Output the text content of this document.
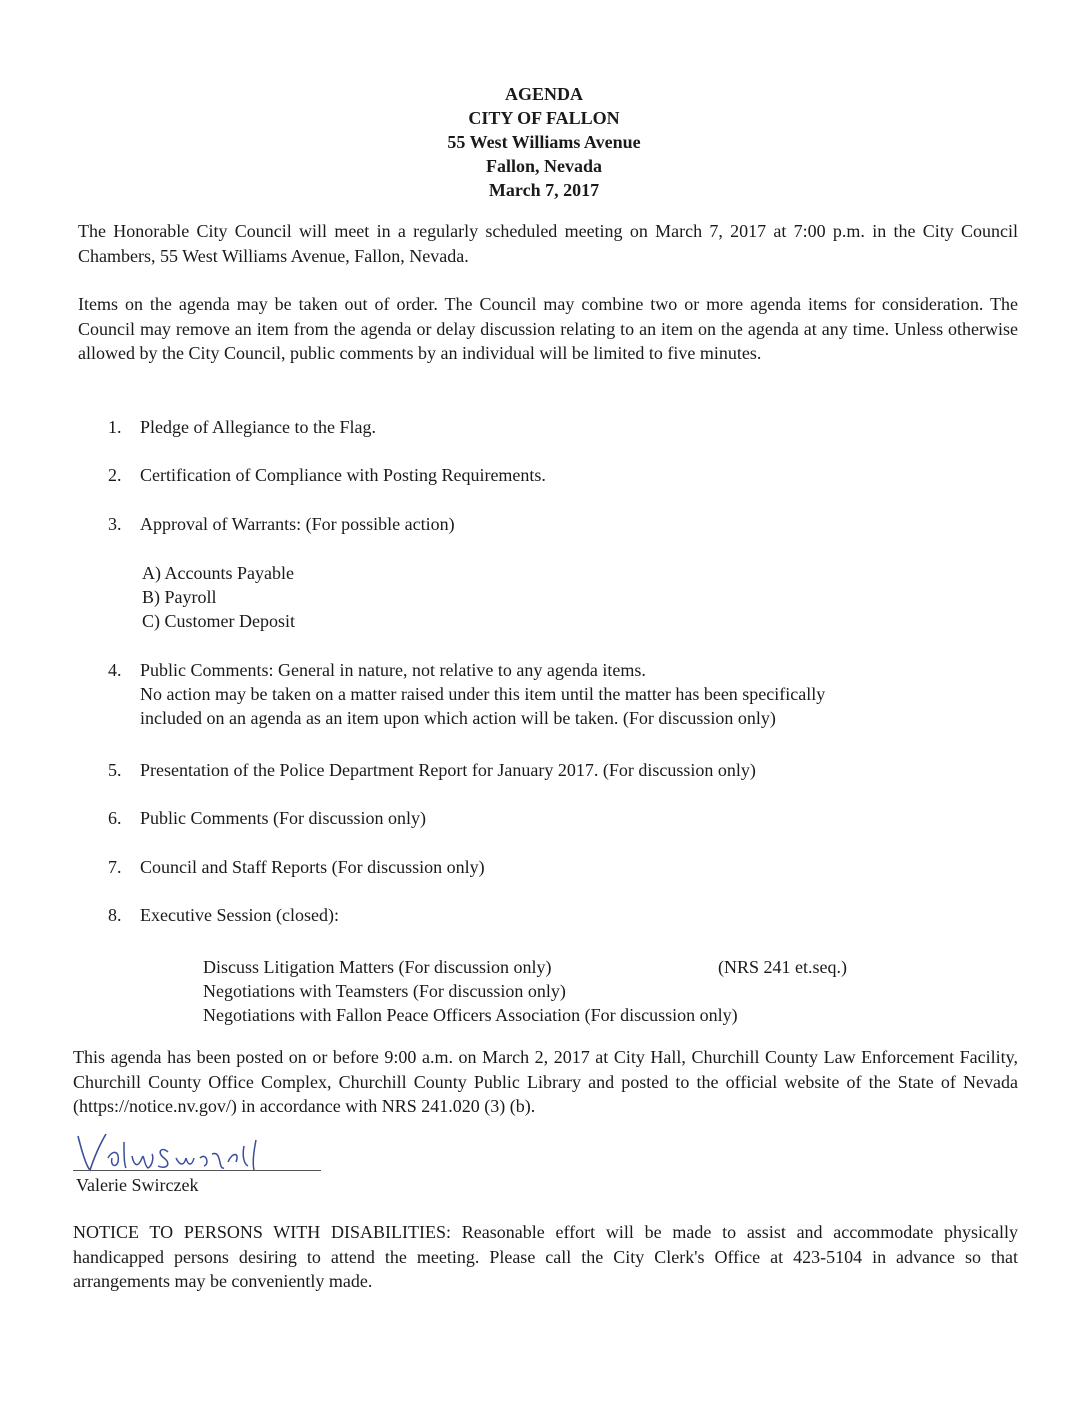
AGENDA
CITY OF FALLON
55 West Williams Avenue
Fallon, Nevada
March 7, 2017
The Honorable City Council will meet in a regularly scheduled meeting on March 7, 2017 at 7:00 p.m. in the City Council Chambers, 55 West Williams Avenue, Fallon, Nevada.
Items on the agenda may be taken out of order. The Council may combine two or more agenda items for consideration. The Council may remove an item from the agenda or delay discussion relating to an item on the agenda at any time. Unless otherwise allowed by the City Council, public comments by an individual will be limited to five minutes.
1. Pledge of Allegiance to the Flag.
2. Certification of Compliance with Posting Requirements.
3. Approval of Warrants: (For possible action)
A) Accounts Payable
B) Payroll
C) Customer Deposit
4. Public Comments: General in nature, not relative to any agenda items.
No action may be taken on a matter raised under this item until the matter has been specifically
included on an agenda as an item upon which action will be taken. (For discussion only)
5. Presentation of the Police Department Report for January 2017. (For discussion only)
6. Public Comments (For discussion only)
7. Council and Staff Reports (For discussion only)
8. Executive Session (closed):
Discuss Litigation Matters (For discussion only)	(NRS 241 et.seq.)
Negotiations with Teamsters (For discussion only)
Negotiations with Fallon Peace Officers Association (For discussion only)
This agenda has been posted on or before 9:00 a.m. on March 2, 2017 at City Hall, Churchill County Law Enforcement Facility, Churchill County Office Complex, Churchill County Public Library and posted to the official website of the State of Nevada (https://notice.nv.gov/) in accordance with NRS 241.020 (3) (b).
Valerie Swirczek
NOTICE TO PERSONS WITH DISABILITIES: Reasonable effort will be made to assist and accommodate physically handicapped persons desiring to attend the meeting. Please call the City Clerk's Office at 423-5104 in advance so that arrangements may be conveniently made.
